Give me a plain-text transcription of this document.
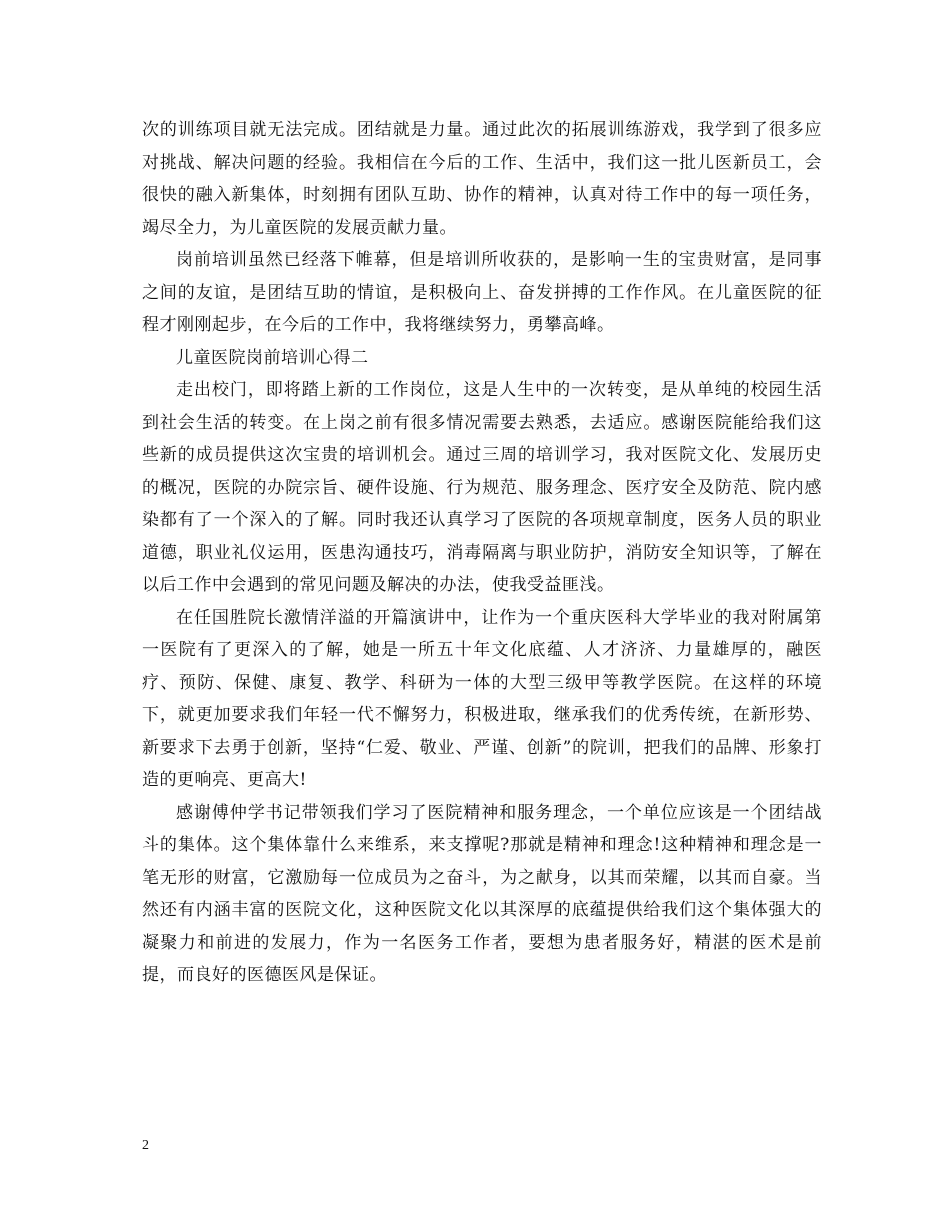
次的训练项目就无法完成。团结就是力量。通过此次的拓展训练游戏，我学到了很多应对挑战、解决问题的经验。我相信在今后的工作、生活中，我们这一批儿医新员工，会很快的融入新集体，时刻拥有团队互助、协作的精神，认真对待工作中的每一项任务，竭尽全力，为儿童医院的发展贡献力量。

岗前培训虽然已经落下帷幕，但是培训所收获的，是影响一生的宝贵财富，是同事之间的友谊，是团结互助的情谊，是积极向上、奋发拼搏的工作作风。在儿童医院的征程才刚刚起步，在今后的工作中，我将继续努力，勇攀高峰。

儿童医院岗前培训心得二

走出校门，即将踏上新的工作岗位，这是人生中的一次转变，是从单纯的校园生活到社会生活的转变。在上岗之前有很多情况需要去熟悉，去适应。感谢医院能给我们这些新的成员提供这次宝贵的培训机会。通过三周的培训学习，我对医院文化、发展历史的概况，医院的办院宗旨、硬件设施、行为规范、服务理念、医疗安全及防范、院内感染都有了一个深入的了解。同时我还认真学习了医院的各项规章制度，医务人员的职业道德，职业礼仪运用，医患沟通技巧，消毒隔离与职业防护，消防安全知识等，了解在以后工作中会遇到的常见问题及解决的办法，使我受益匪浅。

在任国胜院长激情洋溢的开篇演讲中，让作为一个重庆医科大学毕业的我对附属第一医院有了更深入的了解，她是一所五十年文化底蕴、人才济济、力量雄厚的，融医疗、预防、保健、康复、教学、科研为一体的大型三级甲等教学医院。在这样的环境下，就更加要求我们年轻一代不懈努力，积极进取，继承我们的优秀传统，在新形势、新要求下去勇于创新，坚持“仁爱、敬业、严谨、创新”的院训，把我们的品牌、形象打造的更响亮、更高大!

感谢傅仲学书记带领我们学习了医院精神和服务理念，一个单位应该是一个团结战斗的集体。这个集体靠什么来维系，来支撑呢?那就是精神和理念!这种精神和理念是一笔无形的财富，它激励每一位成员为之奋斗，为之献身，以其而荣耀，以其而自豪。当然还有内涵丰富的医院文化，这种医院文化以其深厚的底蕴提供给我们这个集体强大的凝聚力和前进的发展力，作为一名医务工作者，要想为患者服务好，精湛的医术是前提，而良好的医德医风是保证。

2
